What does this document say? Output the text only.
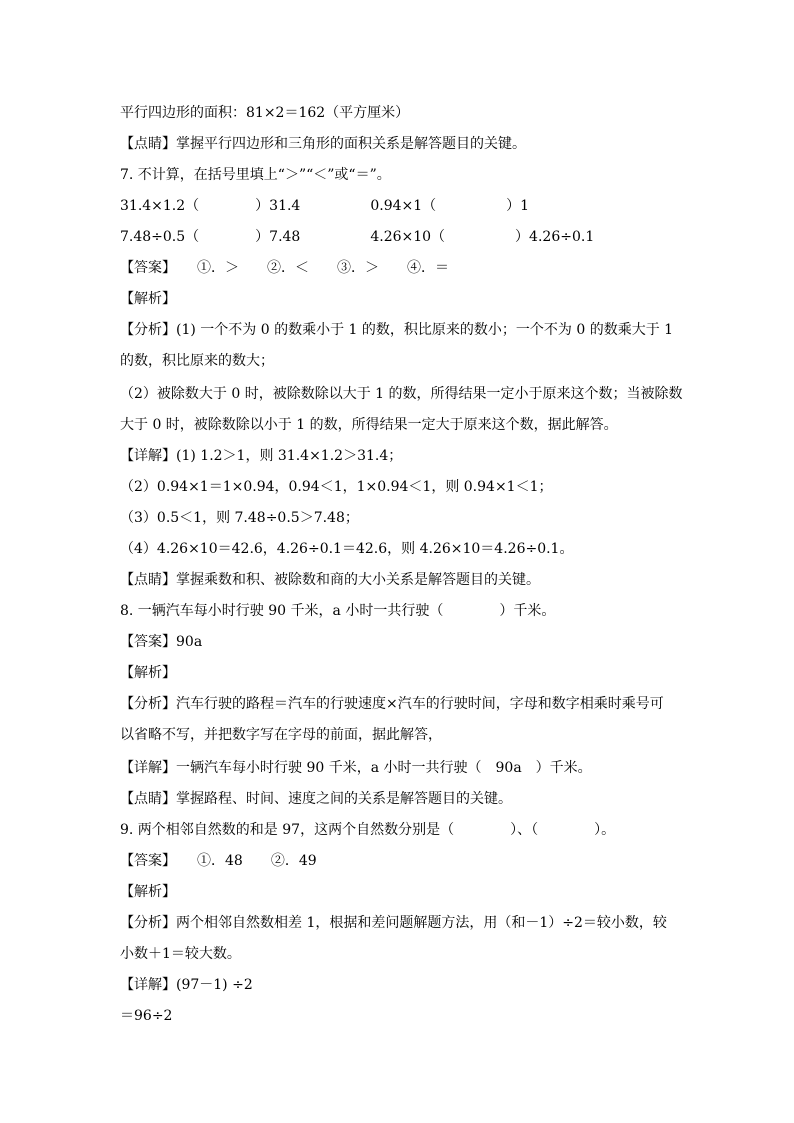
平行四边形的面积：81×2＝162（平方厘米）
【点睛】掌握平行四边形和三角形的面积关系是解答题目的关键。
7. 不计算，在括号里填上“＞”“＜”或“＝”。
31.4×1.2（　　　　）31.4　　　　　0.94×1（　　　　　）1
7.48÷0.5（　　　　）7.48　　　　　4.26×10（　　　　　）4.26÷0.1
【答案】　　①．＞　　②．＜　　③．＞　　④．＝
【解析】
【分析】(1) 一个不为 0 的数乘小于 1 的数，积比原来的数小；一个不为 0 的数乘大于 1
的数，积比原来的数大；
（2）被除数大于 0 时，被除数除以大于 1 的数，所得结果一定小于原来这个数；当被除数
大于 0 时，被除数除以小于 1 的数，所得结果一定大于原来这个数，据此解答。
【详解】(1) 1.2＞1，则 31.4×1.2＞31.4；
（2）0.94×1＝1×0.94，0.94＜1，1×0.94＜1，则 0.94×1＜1；
（3）0.5＜1，则 7.48÷0.5＞7.48；
（4）4.26×10＝42.6，4.26÷0.1＝42.6，则 4.26×10＝4.26÷0.1。
【点睛】掌握乘数和积、被除数和商的大小关系是解答题目的关键。
8. 一辆汽车每小时行驶 90 千米，a 小时一共行驶（　　　　）千米。
【答案】90a
【解析】
【分析】汽车行驶的路程＝汽车的行驶速度×汽车的行驶时间，字母和数字相乘时乘号可
以省略不写，并把数字写在字母的前面，据此解答，
【详解】一辆汽车每小时行驶 90 千米，a 小时一共行驶（　90a　）千米。
【点睛】掌握路程、时间、速度之间的关系是解答题目的关键。
9. 两个相邻自然数的和是 97，这两个自然数分别是（　　　　）、（　　　　）。
【答案】　　①．48　　②．49
【解析】
【分析】两个相邻自然数相差 1，根据和差问题解题方法，用（和－1）÷2＝较小数，较
小数＋1＝较大数。
【详解】(97－1) ÷2
＝96÷2
